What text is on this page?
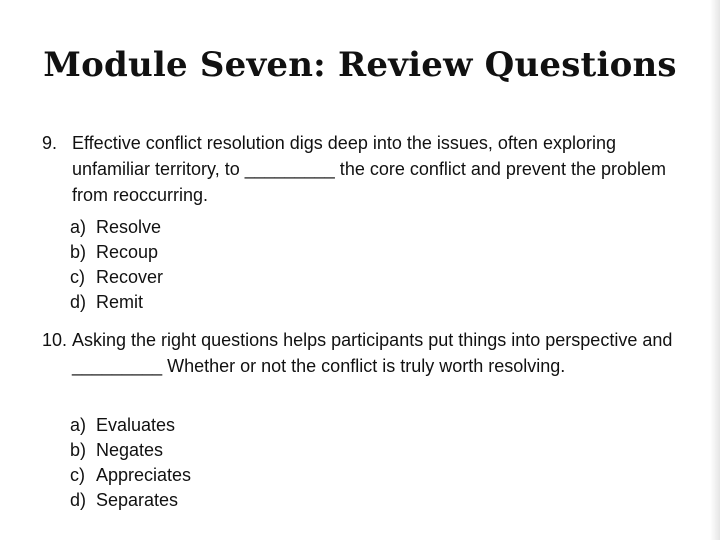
Module Seven: Review Questions
9. Effective conflict resolution digs deep into the issues, often exploring unfamiliar territory, to _________ the core conflict and prevent the problem from reoccurring.
a) Resolve
b) Recoup
c) Recover
d) Remit
10. Asking the right questions helps participants put things into perspective and _________ Whether or not the conflict is truly worth resolving.
a) Evaluates
b) Negates
c) Appreciates
d) Separates
